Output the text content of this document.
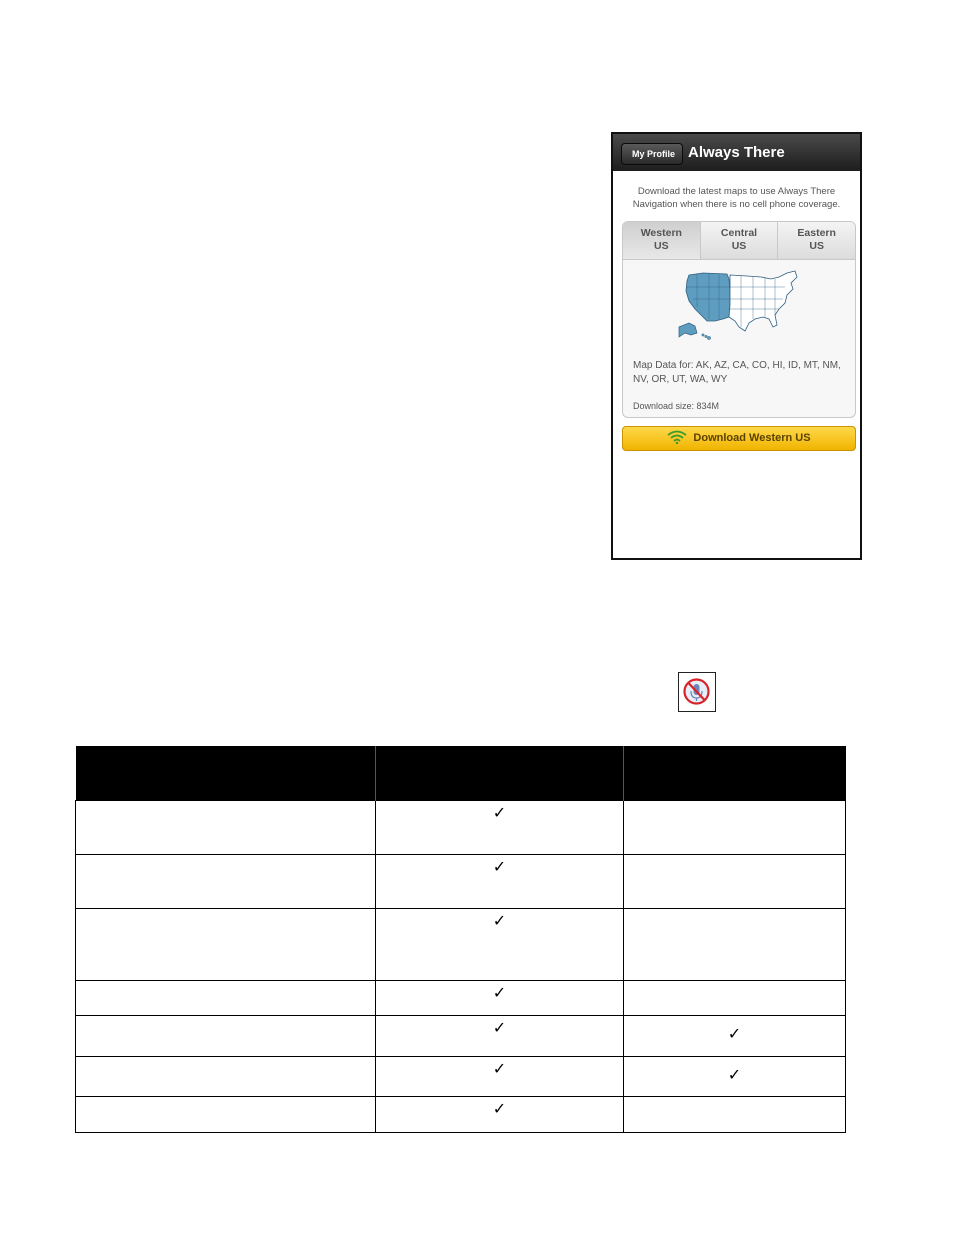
My Profile Always There
Download the latest maps to use Always There Navigation when there is no cell phone coverage.
Western
US
Central
US
Eastern
US
Map Data for: AK, AZ, CA, CO, HI, ID, MT, NM, NV, OR, UT, WA, WY
Download size: 834M
Download Western US

	✓	
	✓	
	✓	
	✓	
	✓	✓
	✓	✓
	✓	
